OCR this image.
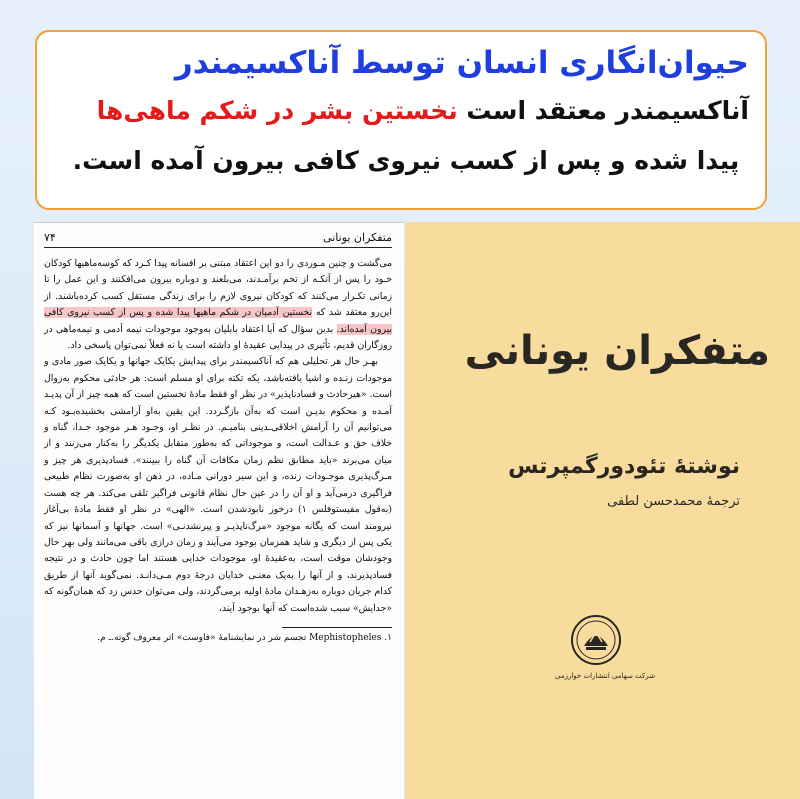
حیوان‌انگاری انسان توسط آناکسیمندر

آناکسیمندر معتقد است نخستین بشر در شکم ماهی‌ها

پیدا شده و پس از کسب نیروی کافی بیرون آمده است.

متفکران یونانی
۷۴

می‌گشت و چنین مـوردی را دو این اعتقاد مبتنی بر افسانه پیدا کـرد که کوسه‌ماهیها کودکان خـود را پس از آنکـه از تخم برآمـدند، می‌بلعند و دوباره بیرون می‌افکنند و این عمل را تا زمانی تکـرار می‌کنند که کودکان نیروی لازم را برای زندگی مستقل کسب کرده‌باشند. از این‌رو معتقد شد که نخستین آدمیان در شکم ماهیها پیدا شده و پس از کسب نیروی کافی بیرون آمده‌اند. بدین سؤال که آیا اعتقاد بابلیان به‌وجود موجودات نیمه آدمی و نیمه‌ماهی در روزگاران قدیم، تأثیری در پیدایی عقیدهٔ او داشته است یا نه فعلاً نمی‌توان پاسخی داد.

بهـر حال هر تحلیلی هم که آناکسیمندر برای پیدایش یکایک جهانها و یکایک صور مادی و موجودات زنـده و اشیا یافته‌باشد، یکه تکته برای او مسلم است: هر حادثی محکوم به‌زوال است. «هیرحادث و فسادناپذیر» در نظر او فقط مادهٔ نخستین است که همه چیز از آن پدیـد آمـده و محکوم بدیـن است که به‌آن بازگـردد. این یقین به‌او آرامشی بخشیده‌بـود کـه می‌توانیم آن را آرامش اخلاقی‌ـدینی بنامیـم. در نظـر او، وجـود هـر موجود جـدا، گناه و خلاف حق و عـدالت است، و موجوداتی که به‌طور متقابل یکدیگر را به‌کنار می‌زنند و از میان می‌برند «باید مطابق نظم زمان مکافات آن گناه را ببینند». فسادپذیری هر چیز و مـرگ‌پذیری موجـودات زنده، و این سیر دورانی مـاده، در ذهن او به‌صورت نظام طبیعی فراگیری درمی‌آید و او آن را در عین حال نظام قانونی فراگیر تلقی می‌کند. هر چه هست (به‌قول مفیستوفلس ۱) درخور نابودشدن است. «الهی» در نظر او فقط مادهٔ بی‌آغاز نیرومند است که یگانه موجود «مرگ‌ناپذیـر و پیرنشدنـی» است. جهانها و آسمانها نیز که یکی پس از دیگری و شاید همزمان بوجود می‌آیند و زمان درازی باقی می‌مانند ولی بهر حال وجودشان موقت است، به‌عقیدهٔ او، موجودات خدایی هستند اما چون حادث و در نتیجه فسادپذیرند، و از آنها را به‌یک معنـی خدایان درجهٔ دوم مـی‌دانـد. نمی‌گوید آنها از طریق کدام جریان دوباره به‌زهـدان مادهٔ اولیه برمی‌گردند، ولی می‌توان حدس زد که همان‌گونه که «جدایش» سبب شده‌است که آنها بوجود آیند،

۱. Mephistopheles تجسم شر در نمایشنامهٔ «فاوست» اثر معروف گوته.ـ م.
متفکران یونانی
نوشتهٔ تئودورگمپرتس
ترجمهٔ محمدحسن لطفی
شرکت سهامی انتشارات خوارزمی
